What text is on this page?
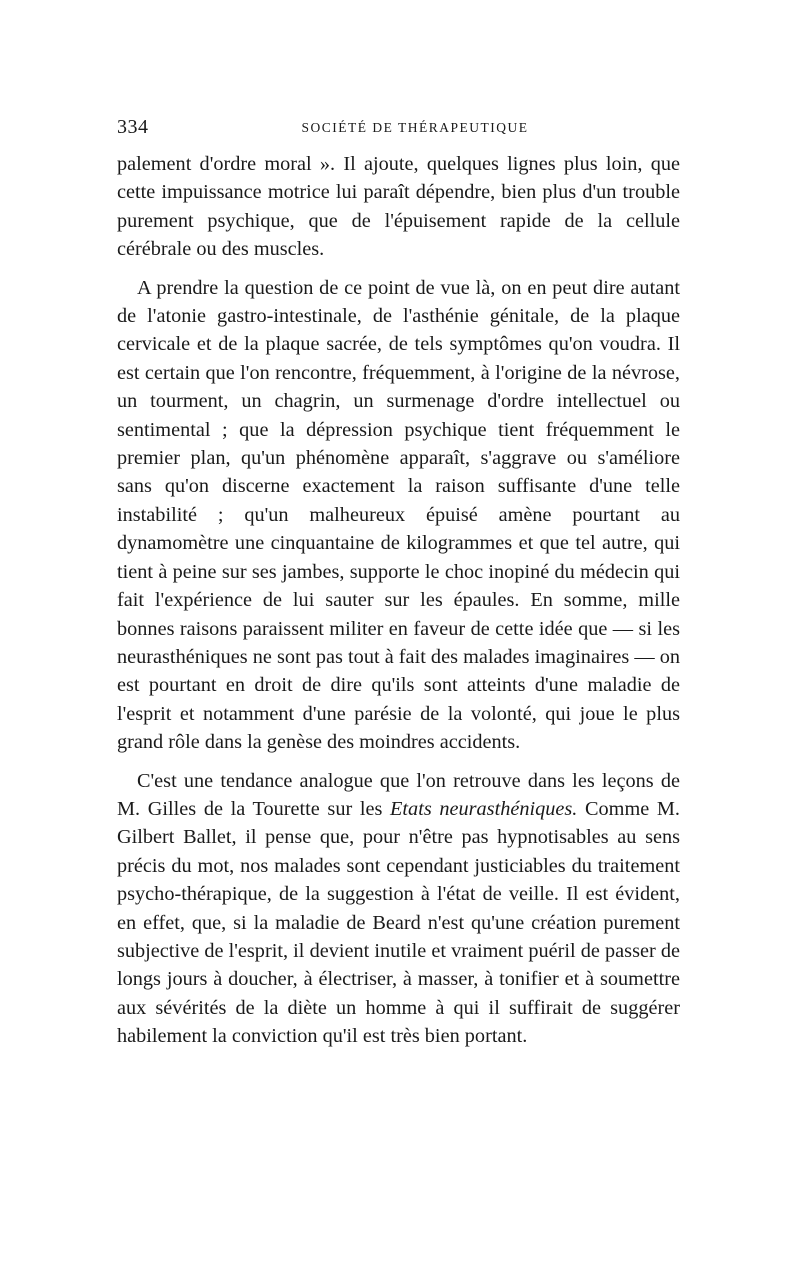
334	SOCIÉTÉ DE THÉRAPEUTIQUE

palement d'ordre moral ». Il ajoute, quelques lignes plus loin, que cette impuissance motrice lui paraît dépendre, bien plus d'un trouble purement psychique, que de l'épuisement rapide de la cellule cérébrale ou des muscles.

A prendre la question de ce point de vue là, on en peut dire autant de l'atonie gastro-intestinale, de l'asthénie génitale, de la plaque cervicale et de la plaque sacrée, de tels symptômes qu'on voudra. Il est certain que l'on rencontre, fréquemment, à l'origine de la névrose, un tourment, un chagrin, un surmenage d'ordre intellectuel ou sentimental ; que la dépression psychique tient fréquemment le premier plan, qu'un phénomène apparaît, s'aggrave ou s'améliore sans qu'on discerne exactement la raison suffisante d'une telle instabilité ; qu'un malheureux épuisé amène pourtant au dynamomètre une cinquantaine de kilogrammes et que tel autre, qui tient à peine sur ses jambes, supporte le choc inopiné du médecin qui fait l'expérience de lui sauter sur les épaules. En somme, mille bonnes raisons paraissent militer en faveur de cette idée que — si les neurasthéniques ne sont pas tout à fait des malades imaginaires — on est pourtant en droit de dire qu'ils sont atteints d'une maladie de l'esprit et notamment d'une parésie de la volonté, qui joue le plus grand rôle dans la genèse des moindres accidents.

C'est une tendance analogue que l'on retrouve dans les leçons de M. Gilles de la Tourette sur les Etats neurasthéniques. Comme M. Gilbert Ballet, il pense que, pour n'être pas hypnotisables au sens précis du mot, nos malades sont cependant justiciables du traitement psycho-thérapique, de la suggestion à l'état de veille. Il est évident, en effet, que, si la maladie de Beard n'est qu'une création purement subjective de l'esprit, il devient inutile et vraiment puéril de passer de longs jours à doucher, à électriser, à masser, à tonifier et à soumettre aux sévérités de la diète un homme à qui il suffirait de suggérer habilement la conviction qu'il est très bien portant.
